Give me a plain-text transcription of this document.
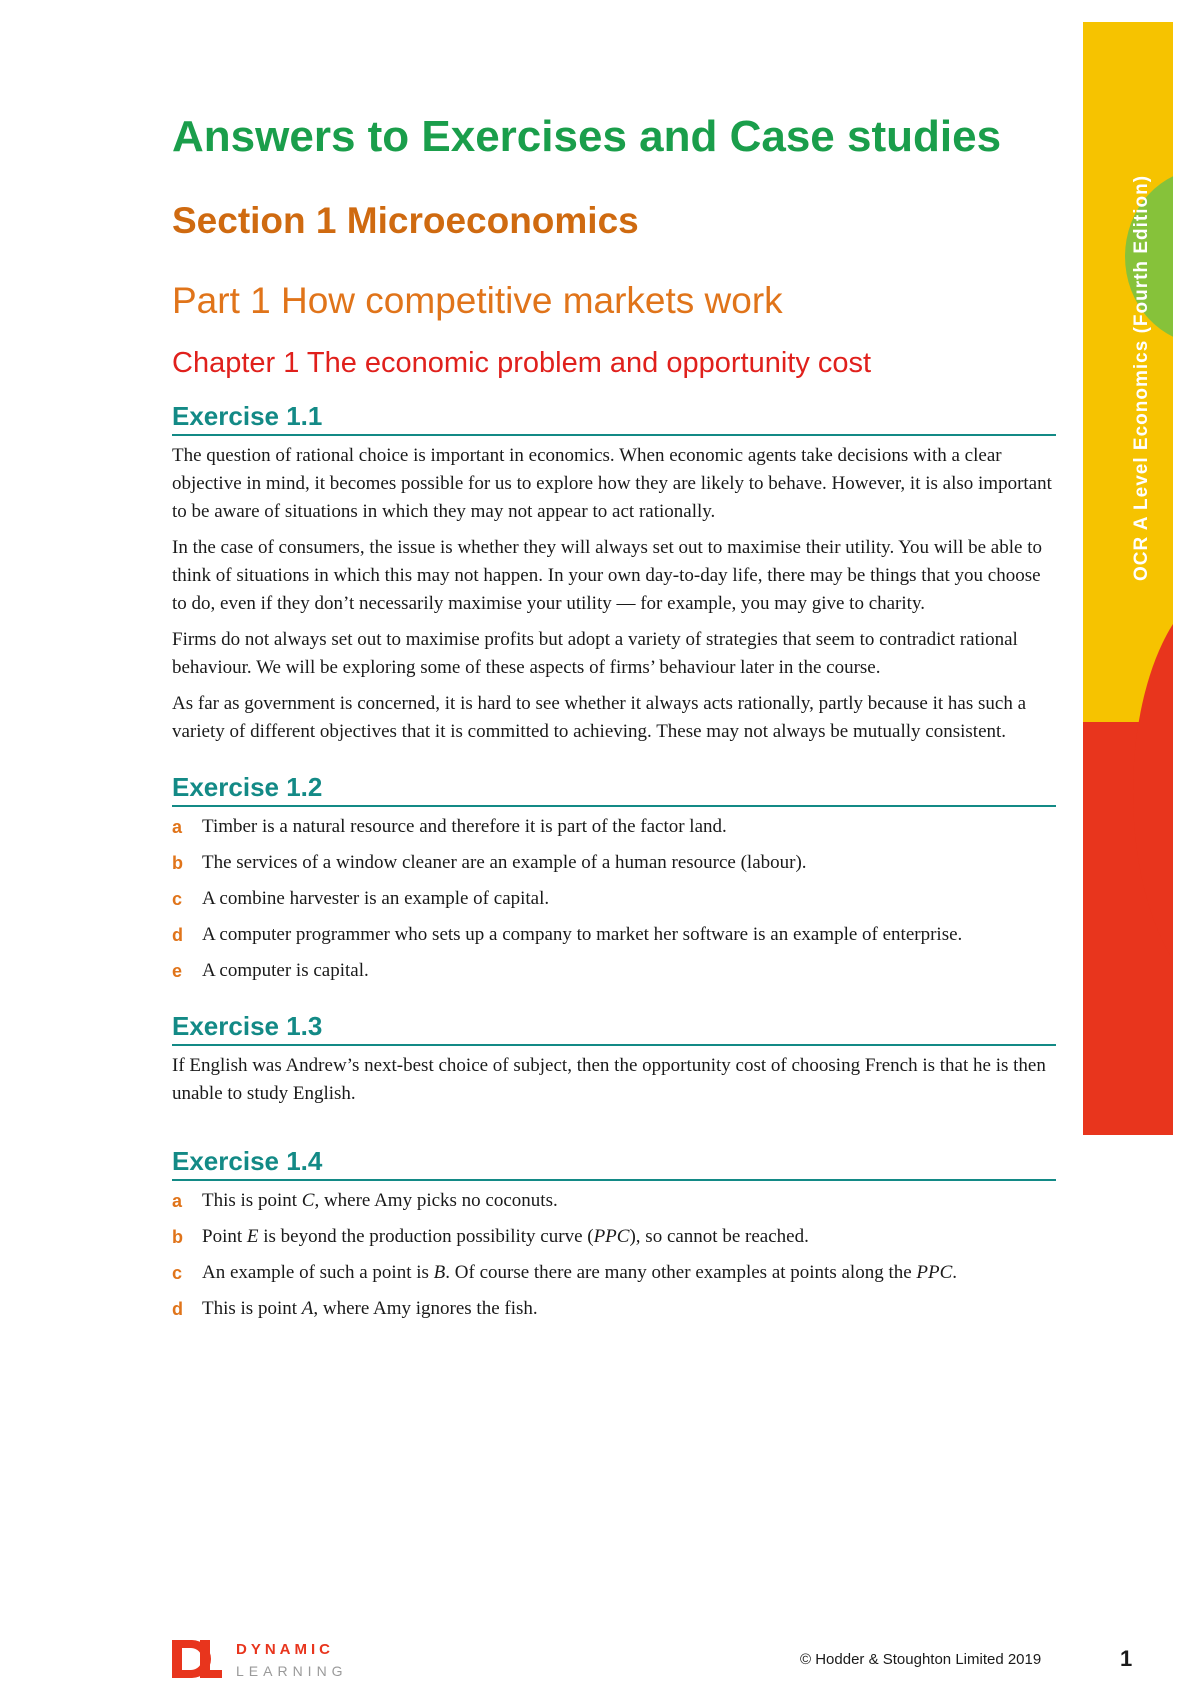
OCR A Level Economics (Fourth Edition)
Answers to Exercises and Case studies
Section 1 Microeconomics
Part 1 How competitive markets work
Chapter 1 The economic problem and opportunity cost
Exercise 1.1

The question of rational choice is important in economics. When economic agents take decisions with a clear objective in mind, it becomes possible for us to explore how they are likely to behave. However, it is also important to be aware of situations in which they may not appear to act rationally.

In the case of consumers, the issue is whether they will always set out to maximise their utility. You will be able to think of situations in which this may not happen. In your own day-to-day life, there may be things that you choose to do, even if they don’t necessarily maximise your utility — for example, you may give to charity.

Firms do not always set out to maximise profits but adopt a variety of strategies that seem to contradict rational behaviour. We will be exploring some of these aspects of firms’ behaviour later in the course.

As far as government is concerned, it is hard to see whether it always acts rationally, partly because it has such a variety of different objectives that it is committed to achieving. These may not always be mutually consistent.

Exercise 1.2
a Timber is a natural resource and therefore it is part of the factor land.
b The services of a window cleaner are an example of a human resource (labour).
c A combine harvester is an example of capital.
d A computer programmer who sets up a company to market her software is an example of enterprise.
e A computer is capital.
Exercise 1.3

If English was Andrew’s next-best choice of subject, then the opportunity cost of choosing French is that he is then unable to study English.

Exercise 1.4
a This is point C, where Amy picks no coconuts.
b Point E is beyond the production possibility curve (PPC), so cannot be reached.
c An example of such a point is B. Of course there are many other examples at points along the PPC.
d This is point A, where Amy ignores the fish.
DYNAMIC
LEARNING
© Hodder & Stoughton Limited 2019	1
